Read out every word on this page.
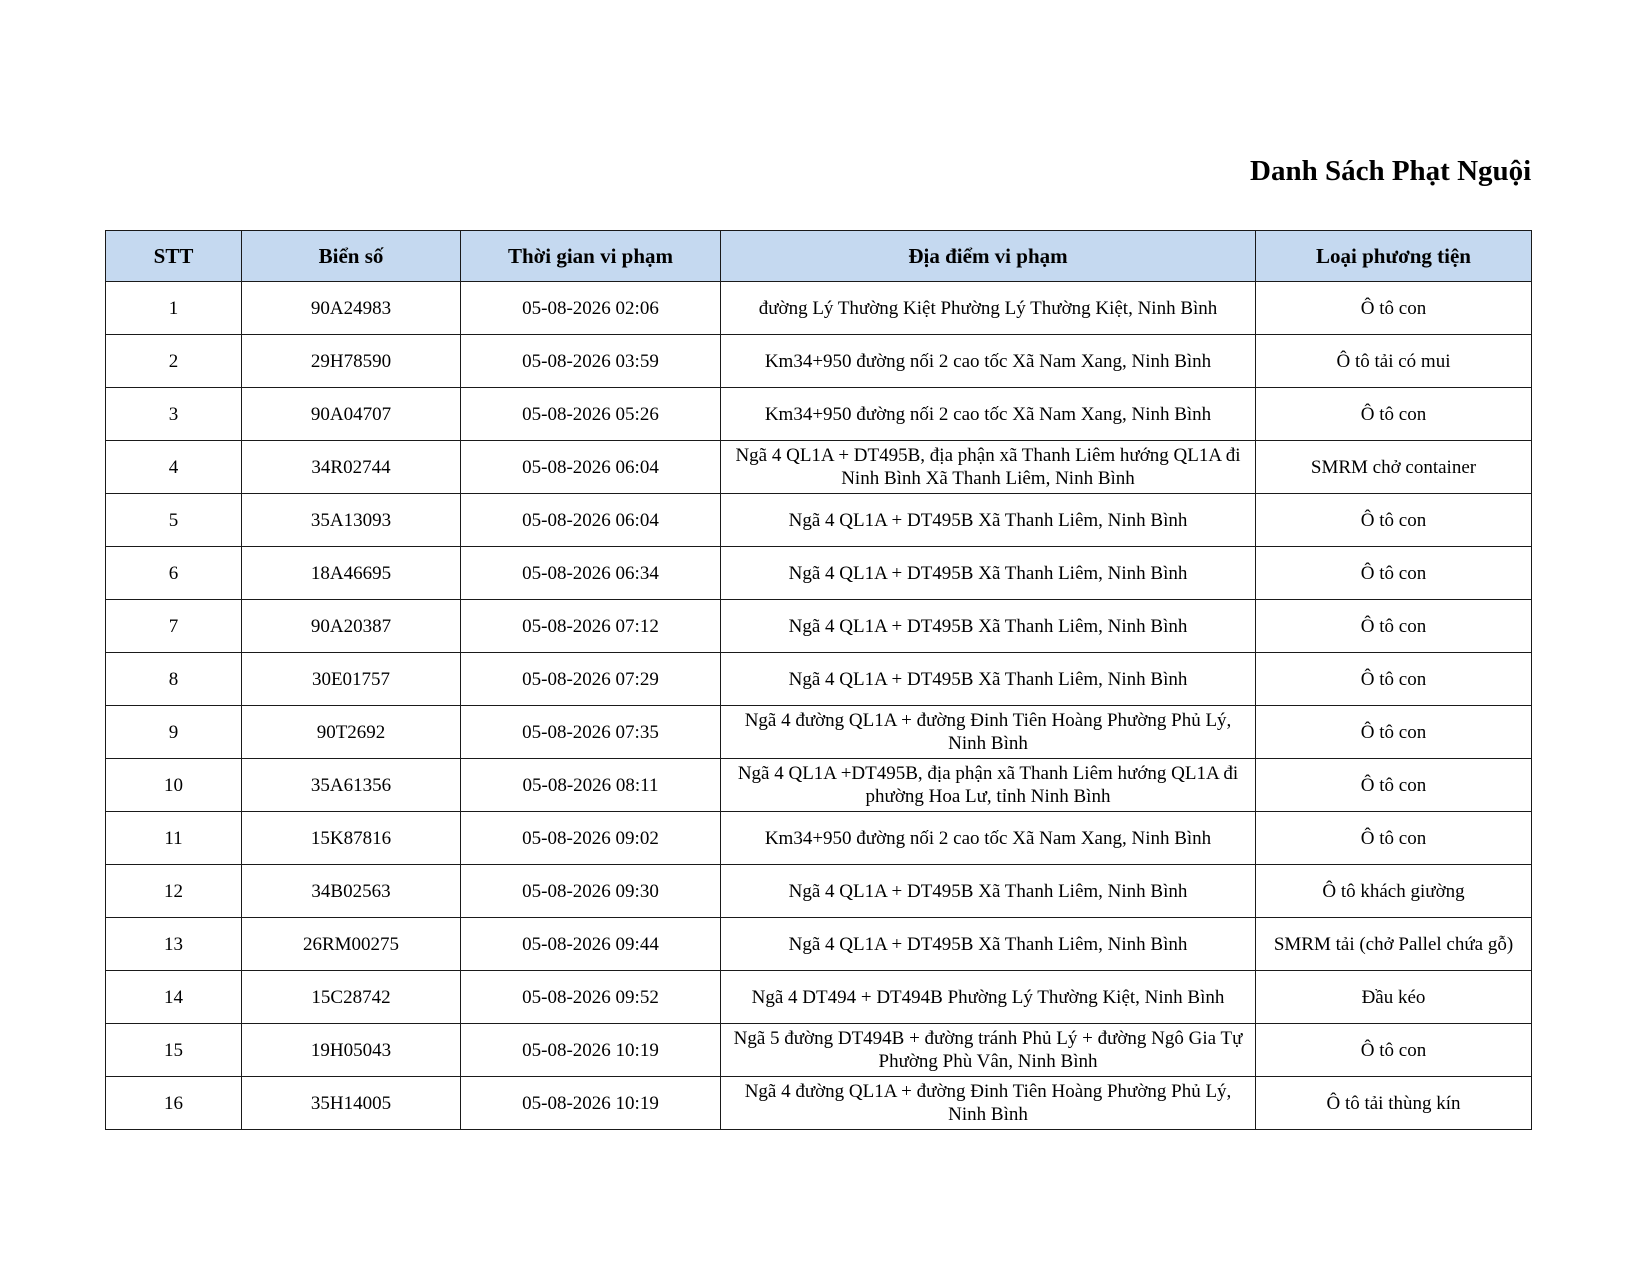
Danh Sách Phạt Nguội
STT	Biển số	Thời gian vi phạm	Địa điểm vi phạm	Loại phương tiện
1	90A24983	05-08-2026 02:06	đường Lý Thường Kiệt Phường Lý Thường Kiệt, Ninh Bình	Ô tô con
2	29H78590	05-08-2026 03:59	Km34+950 đường nối 2 cao tốc Xã Nam Xang, Ninh Bình	Ô tô tải có mui
3	90A04707	05-08-2026 05:26	Km34+950 đường nối 2 cao tốc Xã Nam Xang, Ninh Bình	Ô tô con
4	34R02744	05-08-2026 06:04	Ngã 4 QL1A + DT495B, địa phận xã Thanh Liêm hướng QL1A đi Ninh Bình Xã Thanh Liêm, Ninh Bình	SMRM chở container
5	35A13093	05-08-2026 06:04	Ngã 4 QL1A + DT495B Xã Thanh Liêm, Ninh Bình	Ô tô con
6	18A46695	05-08-2026 06:34	Ngã 4 QL1A + DT495B Xã Thanh Liêm, Ninh Bình	Ô tô con
7	90A20387	05-08-2026 07:12	Ngã 4 QL1A + DT495B Xã Thanh Liêm, Ninh Bình	Ô tô con
8	30E01757	05-08-2026 07:29	Ngã 4 QL1A + DT495B Xã Thanh Liêm, Ninh Bình	Ô tô con
9	90T2692	05-08-2026 07:35	Ngã 4 đường QL1A + đường Đinh Tiên Hoàng Phường Phủ Lý, Ninh Bình	Ô tô con
10	35A61356	05-08-2026 08:11	Ngã 4 QL1A +DT495B, địa phận xã Thanh Liêm hướng QL1A đi phường Hoa Lư, tỉnh Ninh Bình	Ô tô con
11	15K87816	05-08-2026 09:02	Km34+950 đường nối 2 cao tốc Xã Nam Xang, Ninh Bình	Ô tô con
12	34B02563	05-08-2026 09:30	Ngã 4 QL1A + DT495B Xã Thanh Liêm, Ninh Bình	Ô tô khách giường
13	26RM00275	05-08-2026 09:44	Ngã 4 QL1A + DT495B Xã Thanh Liêm, Ninh Bình	SMRM tải (chở Pallel chứa gỗ)
14	15C28742	05-08-2026 09:52	Ngã 4 DT494 + DT494B Phường Lý Thường Kiệt, Ninh Bình	Đầu kéo
15	19H05043	05-08-2026 10:19	Ngã 5 đường DT494B + đường tránh Phủ Lý + đường Ngô Gia Tự Phường Phù Vân, Ninh Bình	Ô tô con
16	35H14005	05-08-2026 10:19	Ngã 4 đường QL1A + đường Đinh Tiên Hoàng Phường Phủ Lý, Ninh Bình	Ô tô tải thùng kín
